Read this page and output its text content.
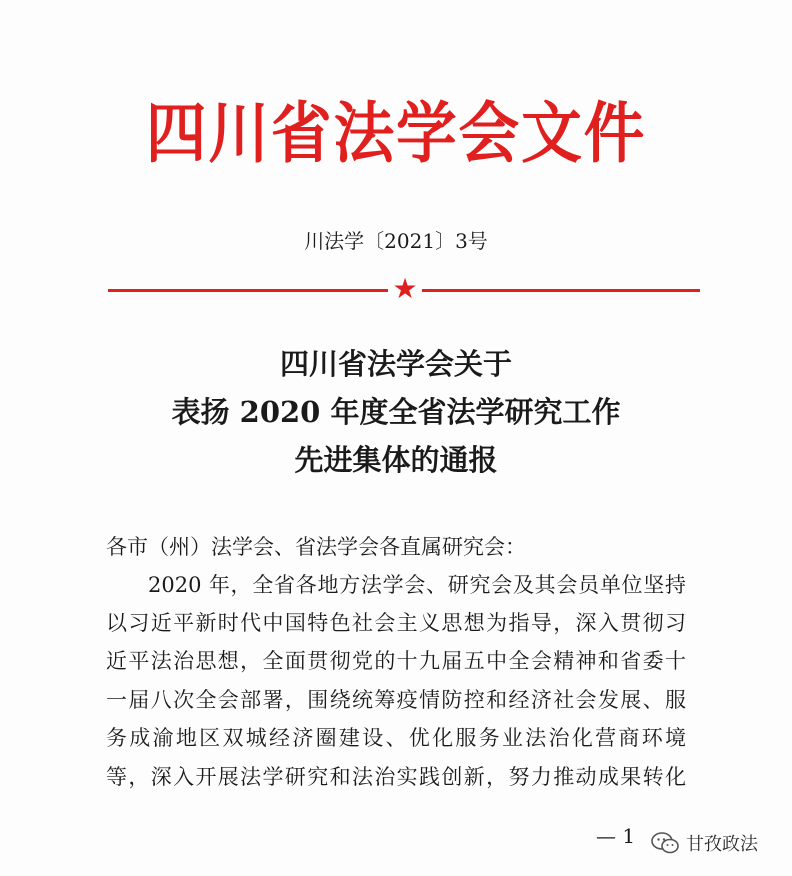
四川省法学会文件
川法学〔2021〕3号
★
四川省法学会关于
表扬 2020 年度全省法学研究工作
先进集体的通报
各市（州）法学会、省法学会各直属研究会：
2020 年，全省各地方法学会、研究会及其会员单位坚持
以习近平新时代中国特色社会主义思想为指导，深入贯彻习
近平法治思想，全面贯彻党的十九届五中全会精神和省委十
一届八次全会部署，围绕统筹疫情防控和经济社会发展、服
务成渝地区双城经济圈建设、优化服务业法治化营商环境
等，深入开展法学研究和法治实践创新，努力推动成果转化
— 1	甘孜政法
